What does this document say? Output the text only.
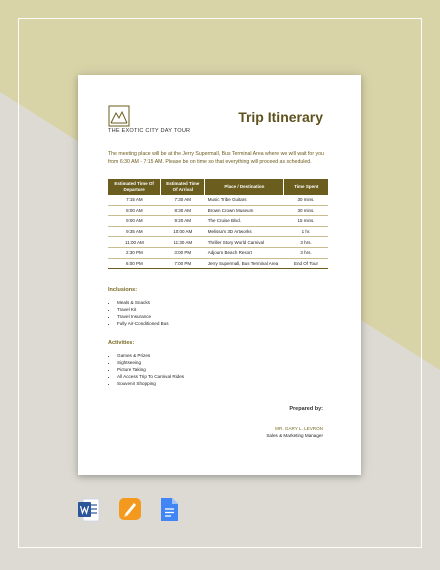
Trip Itinerary
THE EXOTIC CITY DAY TOUR
The meeting place will be at the Jerry Supermall, Bus Terminal Area where we will wait for you from 6:30 AM - 7:15 AM. Please be on time so that everything will proceed as scheduled.
Estimated Time Of Departure	Estimated Time Of Arrival	Place / Destination	Time Spent
7:15 AM	7:30 AM	Music Tribe Guitars	30 mins.
8:00 AM	8:30 AM	Brown Crown Museum	30 mins.
9:00 AM	9:20 AM	The Cruise Blvd.	15 mins.
9:35 AM	10:00 AM	Melissa's 3D Artworks	1 hr.
11:00 AM	11:30 AM	Thriller Story World Carnival	3 hrs.
2:30 PM	3:00 PM	Adjourn Beach Resort	3 hrs.
6:00 PM	7:00 PM	Jerry Supermall, Bus Terminal Area	End Of Tour
Inclusions:
• Meals & Snacks
• Travel Kit
• Travel Insurance
• Fully Air-Conditioned Bus
Activities:
• Games & Prizes
• Sightseeing
• Picture Taking
• All Access Trip To Carnival Rides
• Souvenir Shopping
Prepared by:
MR. GARY L. LEVRON
Sales & Marketing Manager
